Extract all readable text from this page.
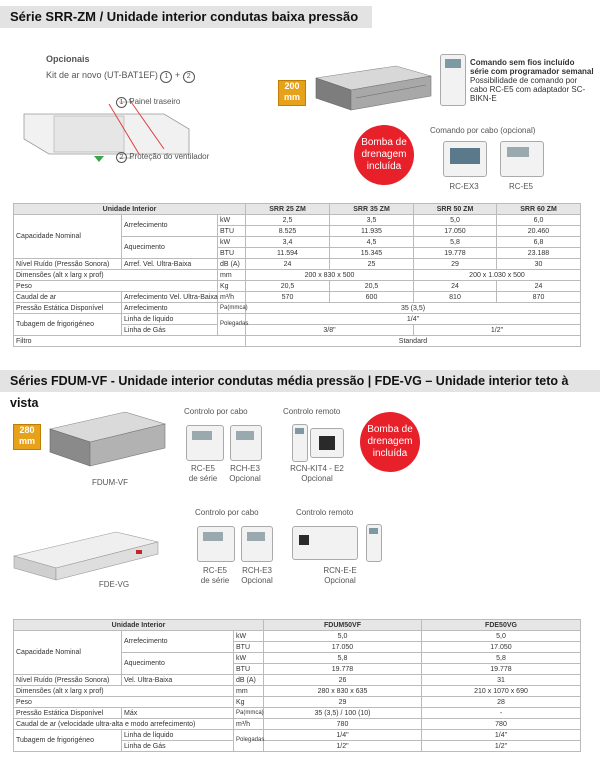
Série SRR-ZM / Unidade interior condutas baixa pressão
Opcionais
Kit de ar novo (UT-BAT1EF) 1 + 2
1 Painel traseiro
2 Proteção do ventilador
200
mm
Comando sem fios incluído série com programador semanal
Possibilidade de comando por cabo RC-E5 com adaptador SC-BIKN-E
Bomba de
drenagem
incluída
Comando por cabo (opcional)
RC-EX3	RC-E5
Unidade Interior			SRR 25 ZM	SRR 35 ZM	SRR 50 ZM	SRR 60 ZM
Capacidade Nominal	Arrefecimento	kW	2,5	3,5	5,0	6,0
		BTU	8.525	11.935	17.050	20.460
	Aquecimento	kW	3,4	4,5	5,8	6,8
		BTU	11.594	15.345	19.778	23.188
Nível Ruído (Pressão Sonora)	Arref. Vel. Ultra-Baixa	dB (A)	24	25	29	30
Dimensões (alt x larg x prof)		mm	200 x 830 x 500		200 x 1.030 x 500	
Peso		Kg	20,5	20,5	24	24
Caudal de ar	Arrefecimento Vel. Ultra-Baixa	m³/h	570	600	810	870
Pressão Estática Disponível	Arrefecimento	Pa(mmca)	35 (3,5)			
Tubagem de frigorigéneo	Linha de líquido	Polegadas	1/4"			
	Linha de Gás		3/8"		1/2"	
Filtro			Standard			
Séries FDUM-VF - Unidade interior condutas média pressão | FDE-VG – Unidade interior teto à vista
280
mm
FDUM-VF
Controlo por cabo	Controlo remoto
RC-E5
de série
RCH-E3
Opcional
RCN-KIT4 - E2
Opcional
Bomba de
drenagem
incluída
FDE-VG
Controlo por cabo	Controlo remoto
RC-E5
de série
RCH-E3
Opcional
RCN-E-E
Opcional
Unidade Interior			FDUM50VF	FDE50VG
Capacidade Nominal	Arrefecimento	kW	5,0	5,0
		BTU	17.050	17.050
	Aquecimento	kW	5,8	5,8
		BTU	19.778	19.778
Nível Ruído (Pressão Sonora)	Vel. Ultra-Baixa	dB (A)	26	31
Dimensões (alt x larg x prof)		mm	280 x 830 x 635	210 x 1070 x 690
Peso		Kg	29	28
Pressão Estática Disponível	Máx	Pa(mmca)	35 (3,5) / 100 (10)	-
Caudal de ar (velocidade ultra-alta e modo arrefecimento)		m³/h	780	780
Tubagem de frigorigéneo	Linha de líquido	Polegadas	1/4"	1/4"
	Linha de Gás		1/2"	1/2"
